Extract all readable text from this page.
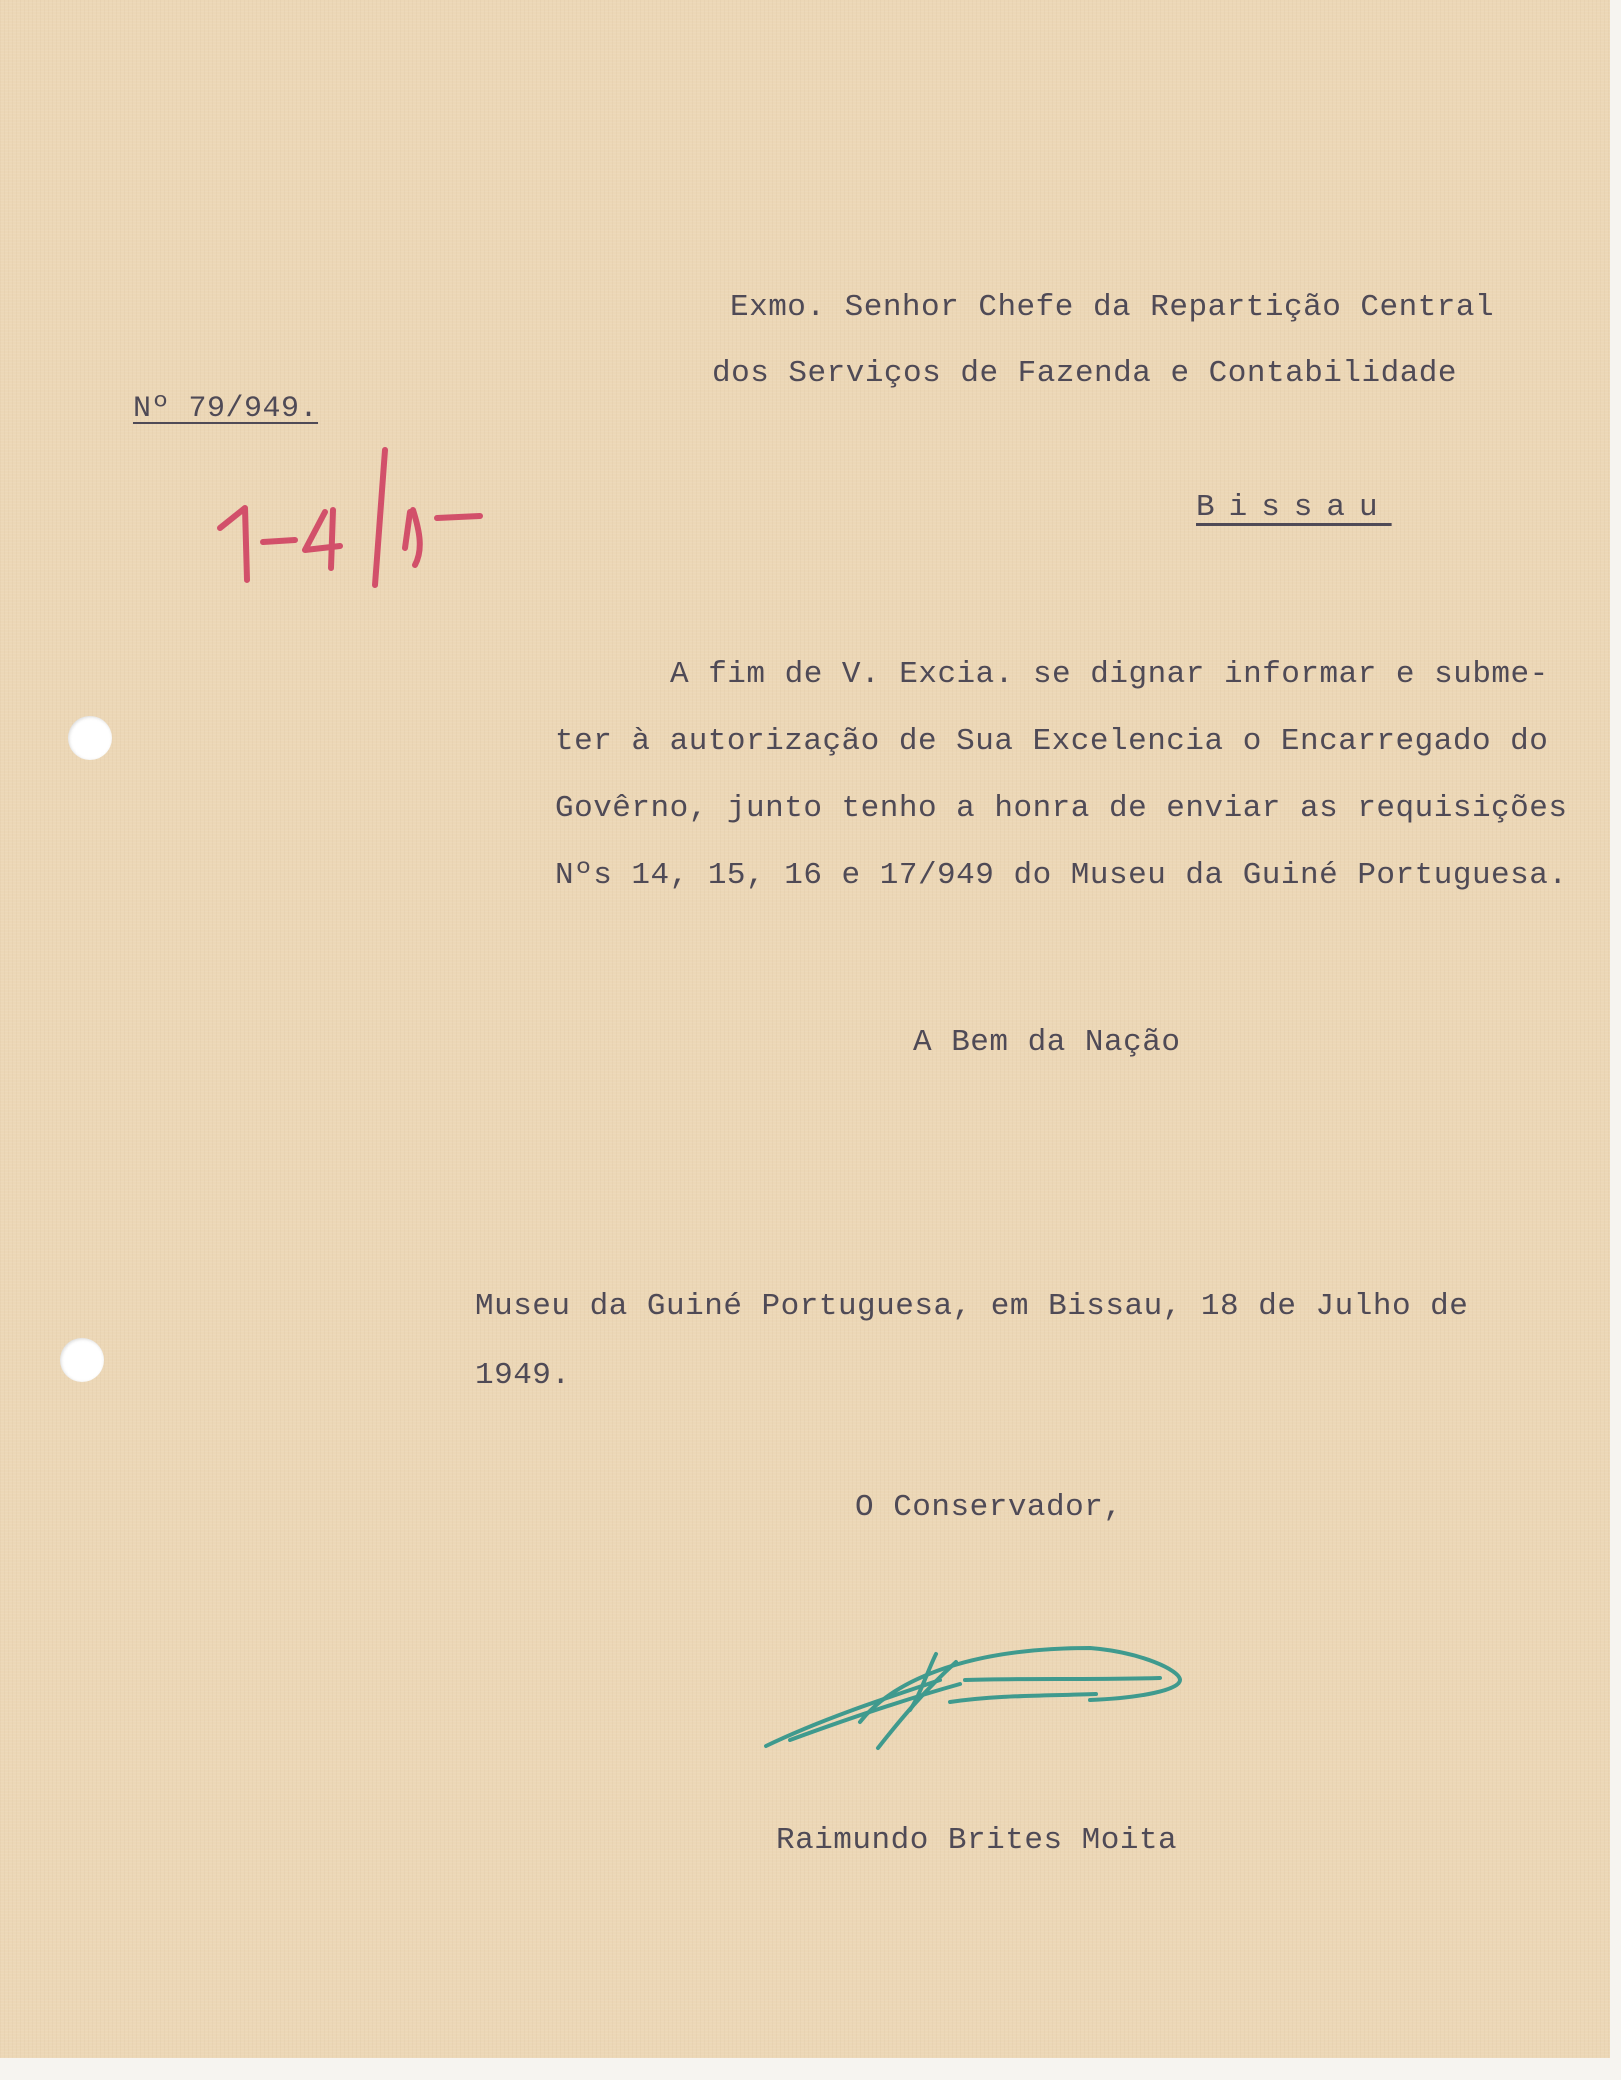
Exmo. Senhor Chefe da Repartição Central
dos Serviços de Fazenda e Contabilidade
Nº 79/949.
Bissau
A fim de V. Excia. se dignar informar e subme-
ter à autorização de Sua Excelencia o Encarregado do
Govêrno, junto tenho a honra de enviar as requisições
Nºs 14, 15, 16 e 17/949 do Museu da Guiné Portuguesa.
A Bem da Nação
Museu da Guiné Portuguesa, em Bissau, 18 de Julho de
1949.
O Conservador,
Raimundo Brites Moita
